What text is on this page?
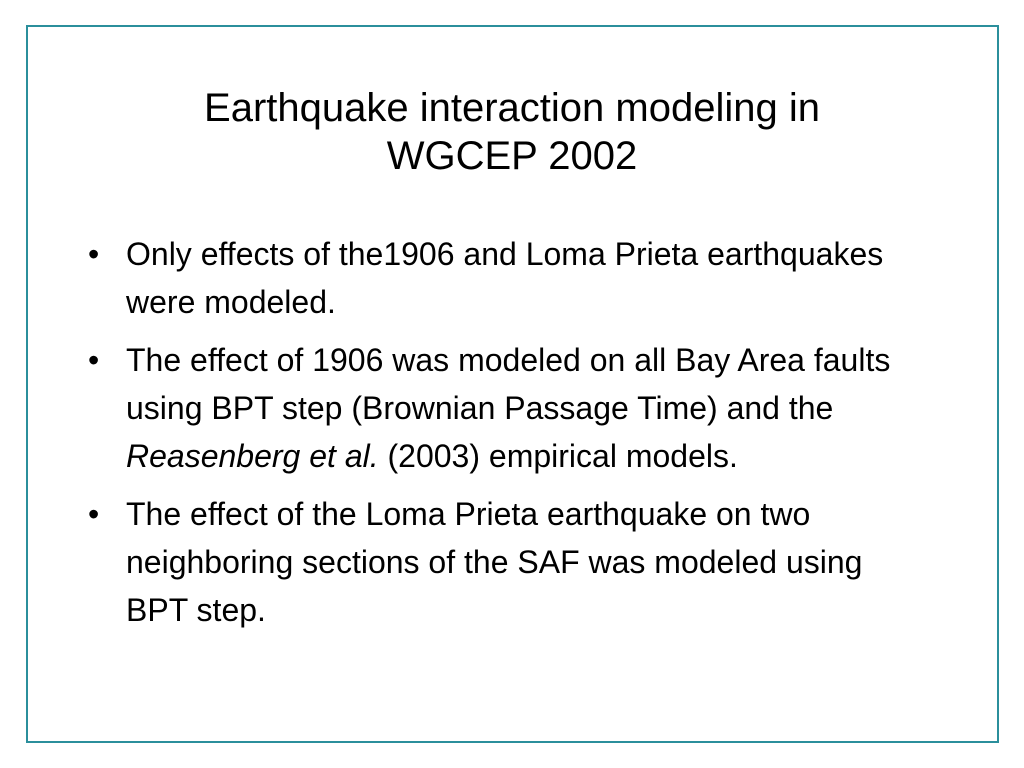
Earthquake interaction modeling in
WGCEP 2002
• Only effects of the1906 and Loma Prieta earthquakes were modeled.
• The effect of 1906 was modeled on all Bay Area faults using BPT step (Brownian Passage Time) and the Reasenberg et al. (2003) empirical models.
• The effect of the Loma Prieta earthquake on two neighboring sections of the SAF was modeled using BPT step.
